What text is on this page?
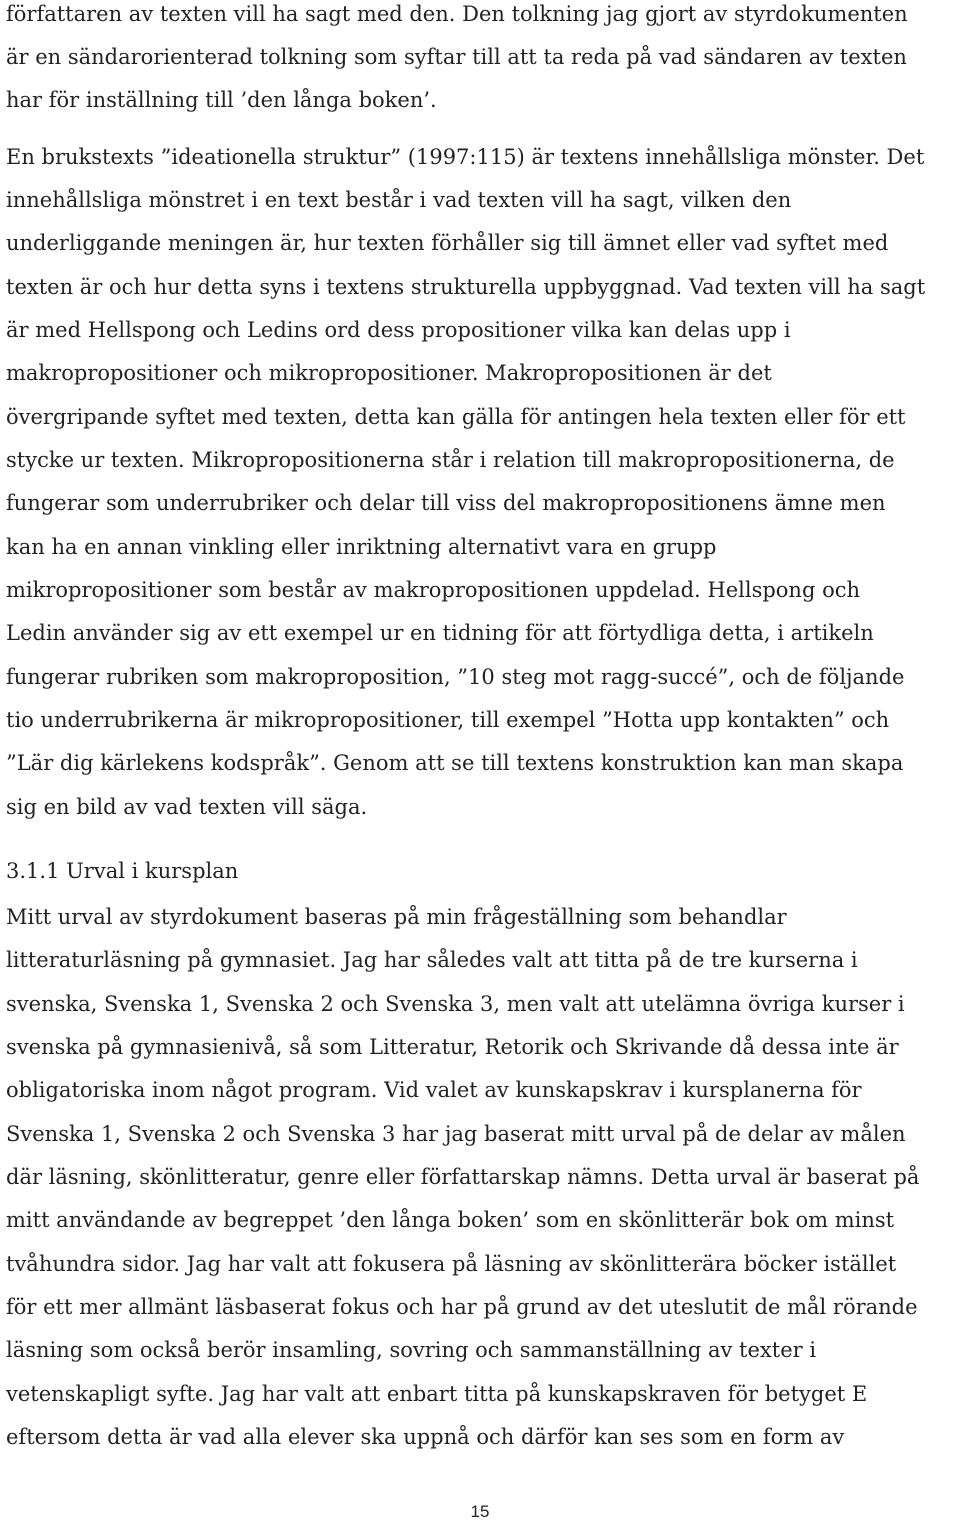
författaren av texten vill ha sagt med den. Den tolkning jag gjort av styrdokumenten
är en sändarorienterad tolkning som syftar till att ta reda på vad sändaren av texten
har för inställning till ’den långa boken’.
En brukstexts ”ideationella struktur” (1997:115) är textens innehållsliga mönster. Det
innehållsliga mönstret i en text består i vad texten vill ha sagt, vilken den
underliggande meningen är, hur texten förhåller sig till ämnet eller vad syftet med
texten är och hur detta syns i textens strukturella uppbyggnad. Vad texten vill ha sagt
är med Hellspong och Ledins ord dess propositioner vilka kan delas upp i
makropropositioner och mikropropositioner. Makropropositionen är det
övergripande syftet med texten, detta kan gälla för antingen hela texten eller för ett
stycke ur texten. Mikropropositionerna står i relation till makropropositionerna, de
fungerar som underrubriker och delar till viss del makropropositionens ämne men
kan ha en annan vinkling eller inriktning alternativt vara en grupp
mikropropositioner som består av makropropositionen uppdelad. Hellspong och
Ledin använder sig av ett exempel ur en tidning för att förtydliga detta, i artikeln
fungerar rubriken som makroproposition, ”10 steg mot ragg-succé”, och de följande
tio underrubrikerna är mikropropositioner, till exempel ”Hotta upp kontakten” och
”Lär dig kärlekens kodspråk”. Genom att se till textens konstruktion kan man skapa
sig en bild av vad texten vill säga.
3.1.1 Urval i kursplan
Mitt urval av styrdokument baseras på min frågeställning som behandlar
litteraturläsning på gymnasiet. Jag har således valt att titta på de tre kurserna i
svenska, Svenska 1, Svenska 2 och Svenska 3, men valt att utelämna övriga kurser i
svenska på gymnasienivå, så som Litteratur, Retorik och Skrivande då dessa inte är
obligatoriska inom något program. Vid valet av kunskapskrav i kursplanerna för
Svenska 1, Svenska 2 och Svenska 3 har jag baserat mitt urval på de delar av målen
där läsning, skönlitteratur, genre eller författarskap nämns. Detta urval är baserat på
mitt användande av begreppet ’den långa boken’ som en skönlitterär bok om minst
tvåhundra sidor. Jag har valt att fokusera på läsning av skönlitterära böcker istället
för ett mer allmänt läsbaserat fokus och har på grund av det uteslutit de mål rörande
läsning som också berör insamling, sovring och sammanställning av texter i
vetenskapligt syfte. Jag har valt att enbart titta på kunskapskraven för betyget E
eftersom detta är vad alla elever ska uppnå och därför kan ses som en form av
15
